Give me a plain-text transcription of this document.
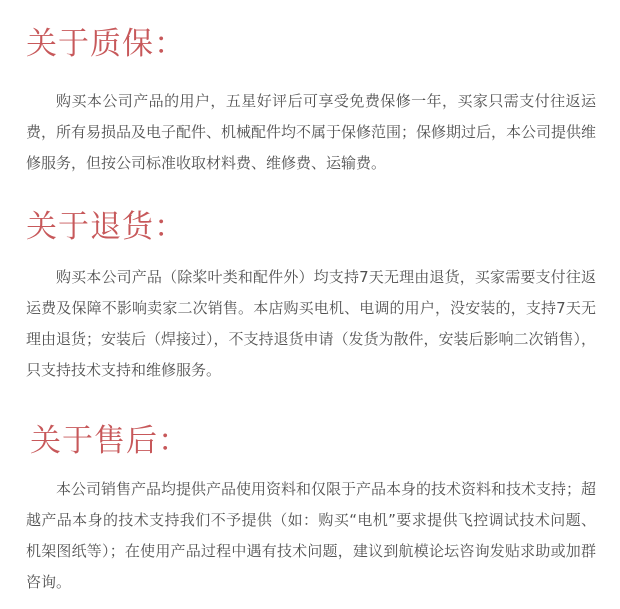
关于质保：

购买本公司产品的用户，五星好评后可享受免费保修一年，买家只需支付往返运费，所有易损品及电子配件、机械配件均不属于保修范围；保修期过后，本公司提供维修服务，但按公司标准收取材料费、维修费、运输费。

关于退货：

购买本公司产品（除桨叶类和配件外）均支持7天无理由退货，买家需要支付往返运费及保障不影响卖家二次销售。本店购买电机、电调的用户，没安装的，支持7天无理由退货；安装后（焊接过），不支持退货申请（发货为散件，安装后影响二次销售），只支持技术支持和维修服务。

关于售后：

本公司销售产品均提供产品使用资料和仅限于产品本身的技术资料和技术支持；超越产品本身的技术支持我们不予提供（如：购买“电机”要求提供飞控调试技术问题、机架图纸等）；在使用产品过程中遇有技术问题，建议到航模论坛咨询发贴求助或加群咨询。
